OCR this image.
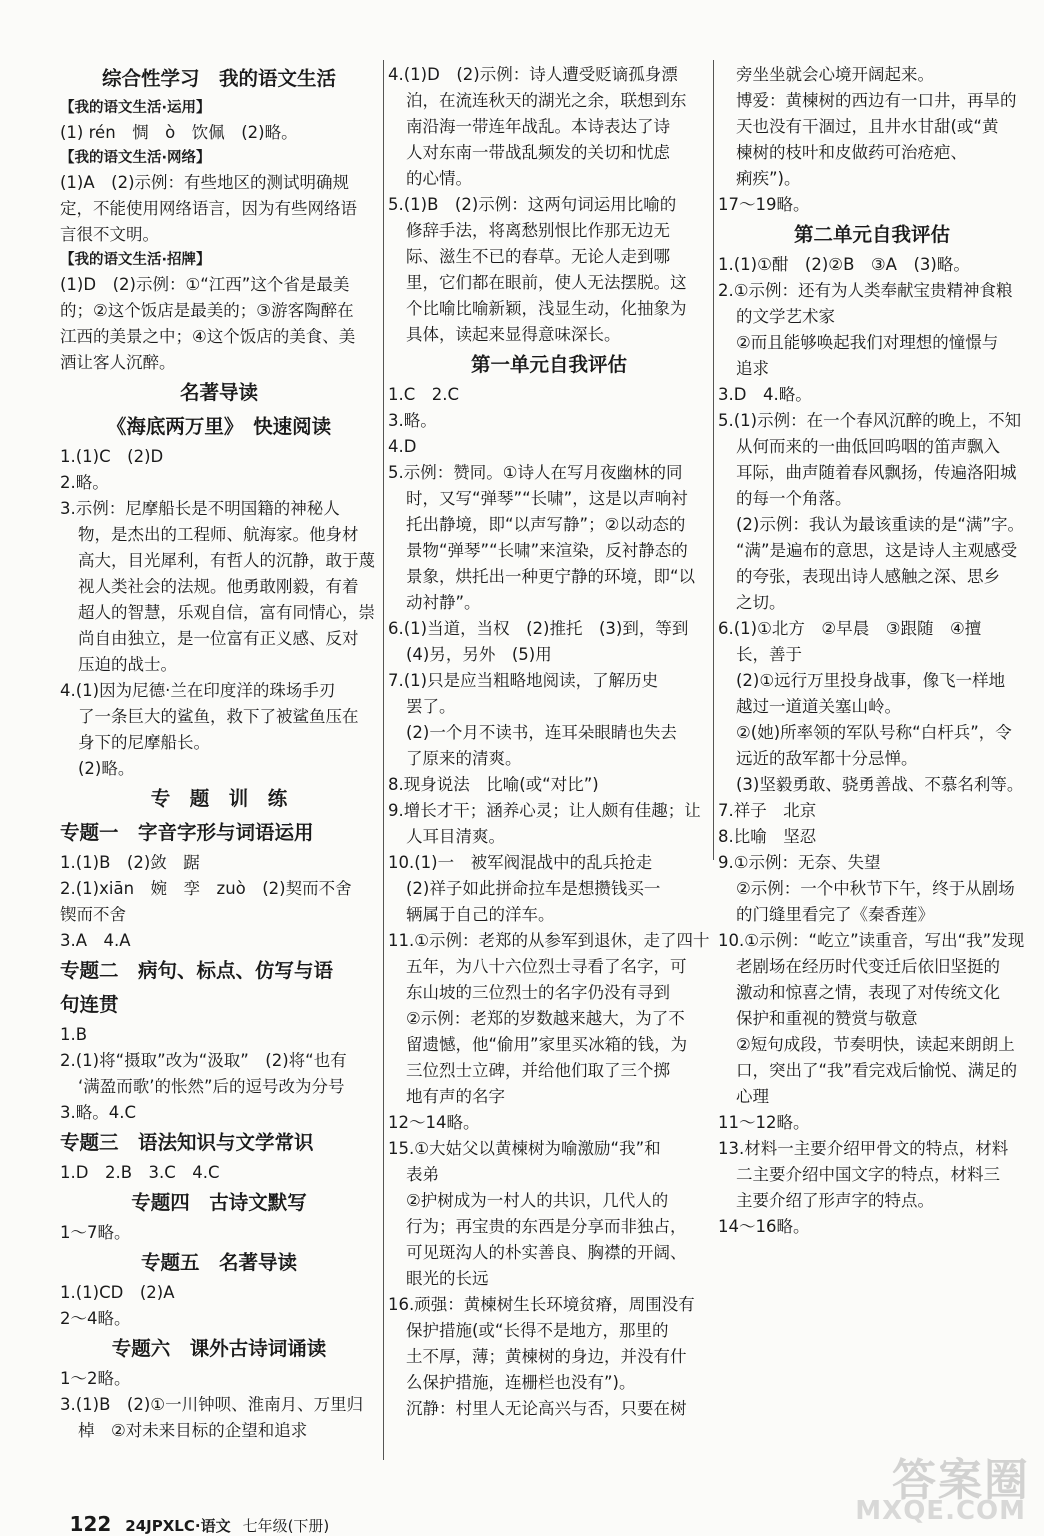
综合性学习　我的语文生活
【我的语文生活·运用】
(1) rén　惆　ò　饮佩　(2)略。
【我的语文生活·网络】
(1)A　(2)示例：有些地区的测试明确规
定，不能使用网络语言，因为有些网络语
言很不文明。
【我的语文生活·招牌】
(1)D　(2)示例：①“江西”这个省是最美
的；②这个饭店是最美的；③游客陶醉在
江西的美景之中；④这个饭店的美食、美
酒让客人沉醉。
名著导读
《海底两万里》　快速阅读
1.(1)C　(2)D
2.略。
3.示例：尼摩船长是不明国籍的神秘人
物，是杰出的工程师、航海家。他身材
高大，目光犀利，有哲人的沉静，敢于蔑
视人类社会的法规。他勇敢刚毅，有着
超人的智慧，乐观自信，富有同情心，崇
尚自由独立，是一位富有正义感、反对
压迫的战士。
4.(1)因为尼德·兰在印度洋的珠场手刃
了一条巨大的鲨鱼，救下了被鲨鱼压在
身下的尼摩船长。
(2)略。
专　题　训　练
专题一　字音字形与词语运用
1.(1)B　(2)敛　踞
2.(1)xiān　婉　孪　zuò　(2)契而不舍
锲而不舍
3.A　4.A
专题二　病句、标点、仿写与语
句连贯
1.B
2.(1)将“摄取”改为“汲取”　(2)将“也有
‘满盈而歌’的怅然”后的逗号改为分号
3.略。4.C
专题三　语法知识与文学常识
1.D　2.B　3.C　4.C
专题四　古诗文默写
1～7略。
专题五　名著导读
1.(1)CD　(2)A
2～4略。
专题六　课外古诗词诵读
1～2略。
3.(1)B　(2)①一川钟呗、淮南月、万里归
棹　②对未来目标的企望和追求
4.(1)D　(2)示例：诗人遭受贬谪孤身漂
泊，在流连秋天的湖光之余，联想到东
南沿海一带连年战乱。本诗表达了诗
人对东南一带战乱频发的关切和忧虑
的心情。
5.(1)B　(2)示例：这两句词运用比喻的
修辞手法，将离愁别恨比作那无边无
际、滋生不已的春草。无论人走到哪
里，它们都在眼前，使人无法摆脱。这
个比喻比喻新颖，浅显生动，化抽象为
具体，读起来显得意味深长。
第一单元自我评估
1.C　2.C
3.略。
4.D
5.示例：赞同。①诗人在写月夜幽林的同
时，又写“弹琴”“长啸”，这是以声响衬
托出静境，即“以声写静”；②以动态的
景物“弹琴”“长啸”来渲染，反衬静态的
景象，烘托出一种更宁静的环境，即“以
动衬静”。
6.(1)当道，当权　(2)推托　(3)到，等到
(4)另，另外　(5)用
7.(1)只是应当粗略地阅读，了解历史
罢了。
(2)一个月不读书，连耳朵眼睛也失去
了原来的清爽。
8.现身说法　比喻(或“对比”)
9.增长才干；涵养心灵；让人颇有佳趣；让
人耳目清爽。
10.(1)一　被军阀混战中的乱兵抢走
(2)祥子如此拼命拉车是想攒钱买一
辆属于自己的洋车。
11.①示例：老郑的从参军到退休，走了四十
五年，为八十六位烈士寻看了名字，可
东山坡的三位烈士的名字仍没有寻到
②示例：老郑的岁数越来越大，为了不
留遗憾，他“偷用”家里买冰箱的钱，为
三位烈士立碑，并给他们取了三个掷
地有声的名字
12～14略。
15.①大姑父以黄楝树为喻激励“我”和
表弟
②护树成为一村人的共识，几代人的
行为；再宝贵的东西是分享而非独占，
可见斑沟人的朴实善良、胸襟的开阔、
眼光的长远
16.顽强：黄楝树生长环境贫瘠，周围没有
保护措施(或“长得不是地方，那里的
土不厚，薄；黄楝树的身边，并没有什
么保护措施，连栅栏也没有”)。
沉静：村里人无论高兴与否，只要在树
旁坐坐就会心境开阔起来。
博爱：黄楝树的西边有一口井，再旱的
天也没有干涸过，且井水甘甜(或“黄
楝树的枝叶和皮做药可治疮疤、
痢疾”)。
17～19略。
第二单元自我评估
1.(1)①酣　(2)②B　③A　(3)略。
2.①示例：还有为人类奉献宝贵精神食粮
的文学艺术家
②而且能够唤起我们对理想的憧憬与
追求
3.D　4.略。
5.(1)示例：在一个春风沉醉的晚上，不知
从何而来的一曲低回呜咽的笛声飘入
耳际，曲声随着春风飘扬，传遍洛阳城
的每一个角落。
(2)示例：我认为最该重读的是“满”字。
“满”是遍布的意思，这是诗人主观感受
的夸张，表现出诗人感触之深、思乡
之切。
6.(1)①北方　②早晨　③跟随　④擅
长，善于
(2)①远行万里投身战事，像飞一样地
越过一道道关塞山岭。
②(她)所率领的军队号称“白杆兵”，令
远近的敌军都十分忌惮。
(3)坚毅勇敢、骁勇善战、不慕名利等。
7.祥子　北京
8.比喻　坚忍
9.①示例：无奈、失望
②示例：一个中秋节下午，终于从剧场
的门缝里看完了《秦香莲》
10.①示例：“屹立”读重音，写出“我”发现
老剧场在经历时代变迁后依旧坚挺的
激动和惊喜之情，表现了对传统文化
保护和重视的赞赏与敬意
②短句成段，节奏明快，读起来朗朗上
口，突出了“我”看完戏后愉悦、满足的
心理
11～12略。
13.材料一主要介绍甲骨文的特点，材料
二主要介绍中国文字的特点，材料三
主要介绍了形声字的特点。
14～16略。

122 24JPXLC·语文 七年级(下册)

答案圈
MXQE.COM
